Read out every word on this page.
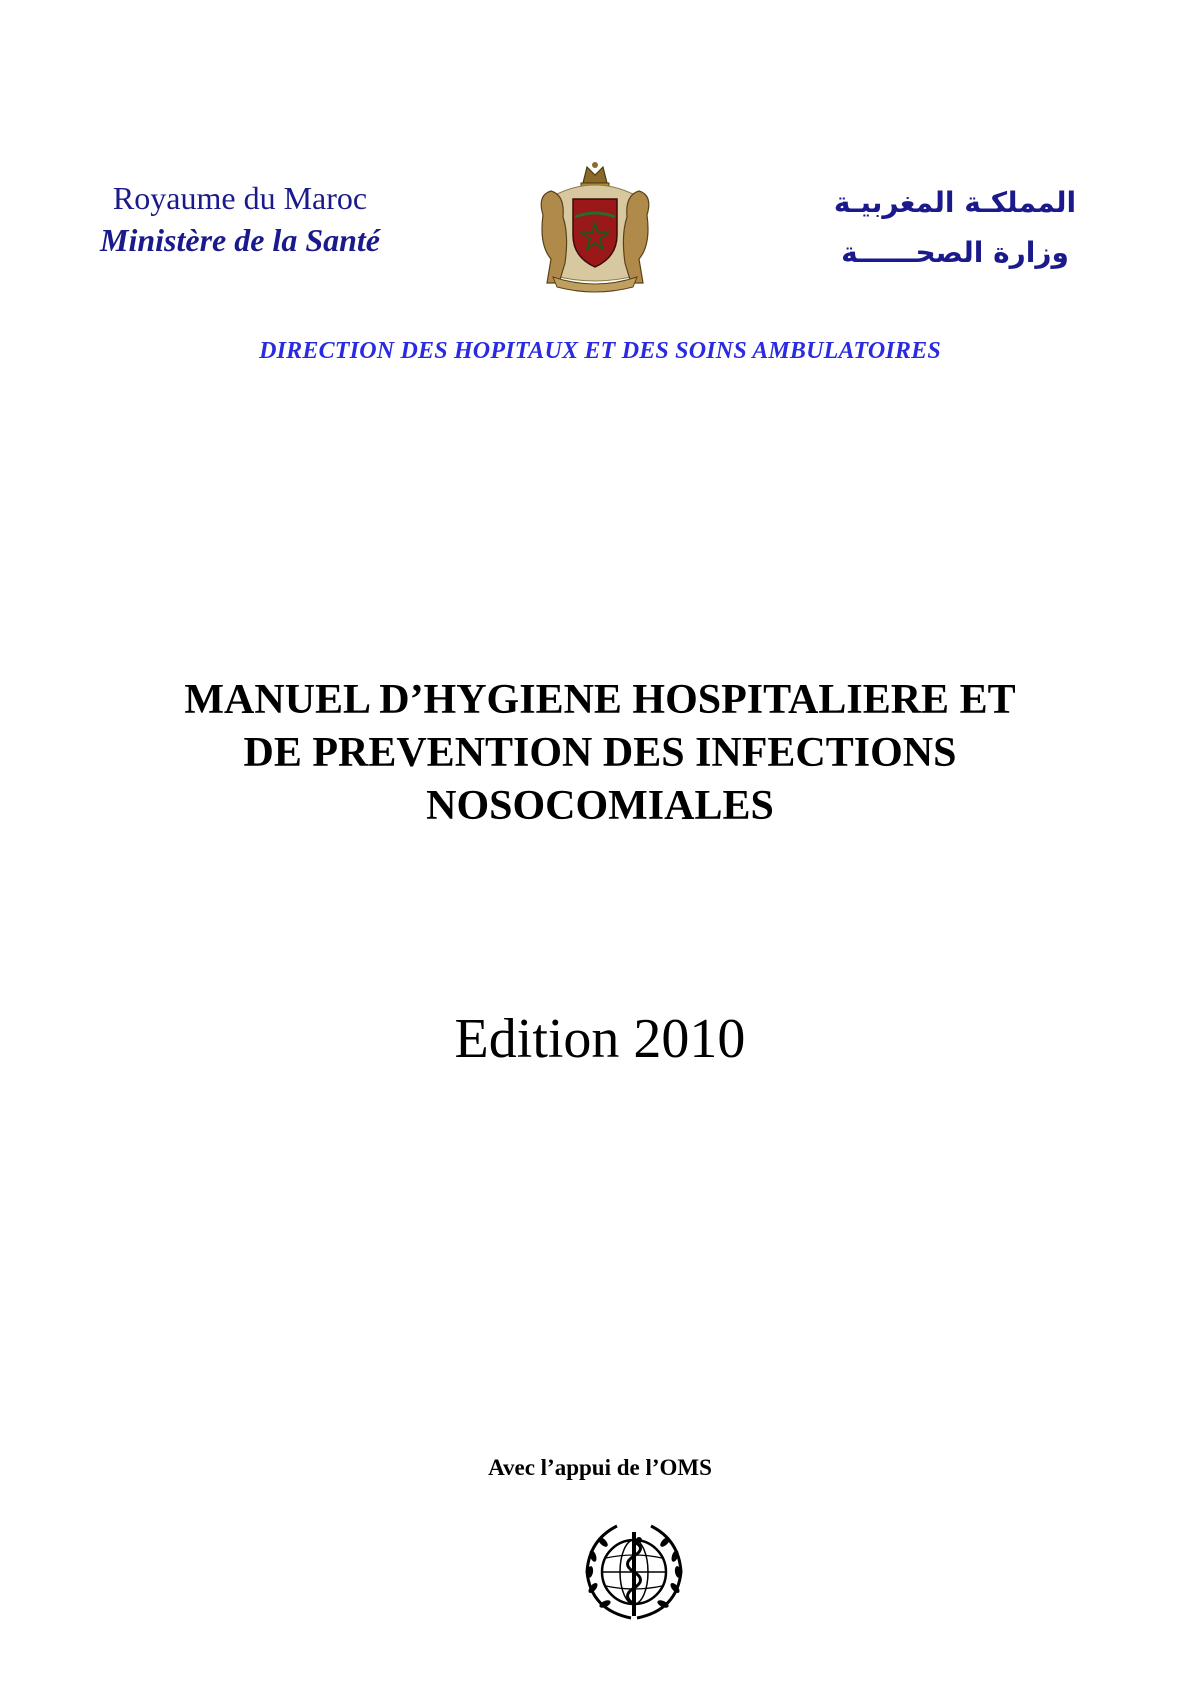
Royaume du Maroc
Ministère de la Santé
المملكـة المغربيـة
وزارة الصحــــــة
DIRECTION DES HOPITAUX ET DES SOINS AMBULATOIRES
MANUEL D’HYGIENE HOSPITALIERE ET
DE PREVENTION DES INFECTIONS
NOSOCOMIALES
Edition 2010
Avec l’appui de l’OMS
